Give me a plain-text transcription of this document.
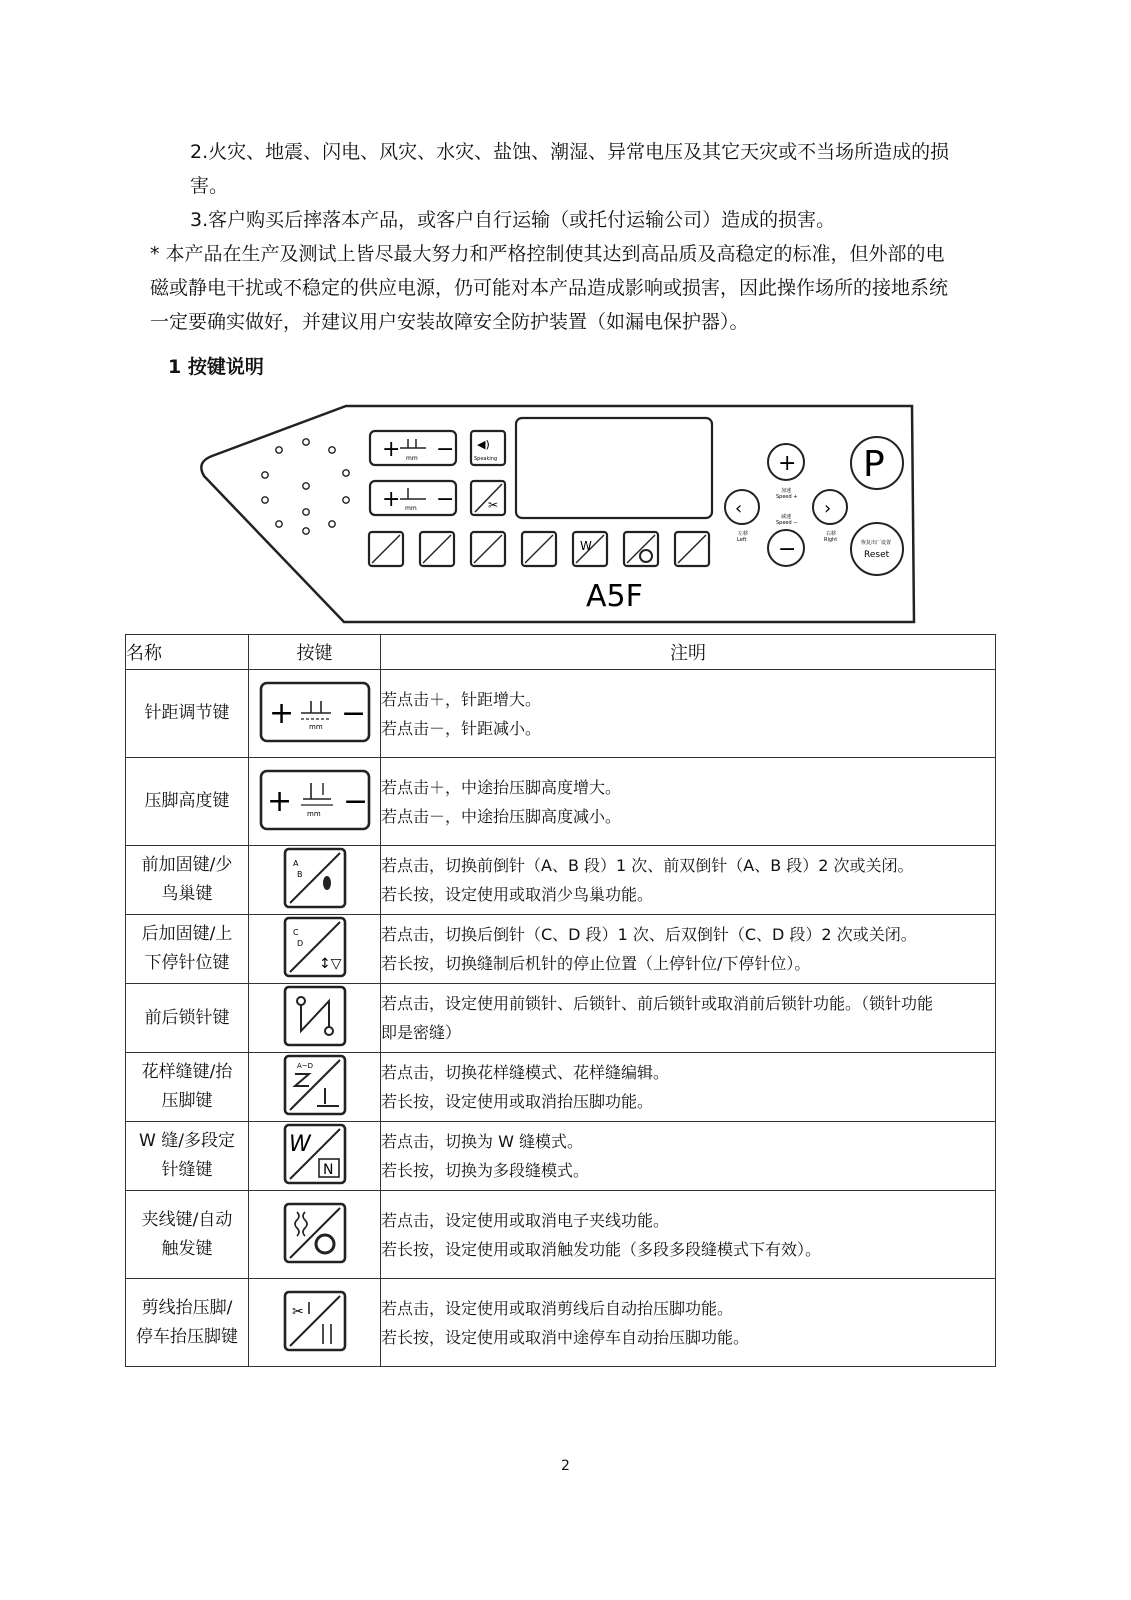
2.火灾、地震、闪电、风灾、水灾、盐蚀、潮湿、异常电压及其它天灾或不当场所造成的损
害。
3.客户购买后摔落本产品，或客户自行运输（或托付运输公司）造成的损害。
* 本产品在生产及测试上皆尽最大努力和严格控制使其达到高品质及高稳定的标准，但外部的电
磁或静电干扰或不稳定的供应电源，仍可能对本产品造成影响或损害，因此操作场所的接地系统
一定要确实做好，并建议用户安装故障安全防护装置（如漏电保护器）。
1 按键说明
+ −
mm
+ −
mm
◀)
Speaking
✂
W
A5F
+
−
‹	›
P
加速
Speed +
减速
Speed −
左移
Left
右移
Right	恢复出厂设置
Reset
名称	按键	注明

针距调节键	+ −
mm	若点击＋，针距增大。
若点击－，针距减小。

压脚高度键	+ −
mm	若点击＋，中途抬压脚高度增大。
若点击－，中途抬压脚高度减小。

前加固键/少
鸟巢键	A
B	若点击，切换前倒针（A、B 段）1 次、前双倒针（A、B 段）2 次或关闭。
若长按，设定使用或取消少鸟巢功能。

后加固键/上
下停针位键	C
D
↕▽	若点击，切换后倒针（C、D 段）1 次、后双倒针（C、D 段）2 次或关闭。
若长按，切换缝制后机针的停止位置（上停针位/下停针位）。

前后锁针键		若点击，设定使用前锁针、后锁针、前后锁针或取消前后锁针功能。（锁针功能
即是密缝）

花样缝键/抬
压脚键	A~D	若点击，切换花样缝模式、花样缝编辑。
若长按，设定使用或取消抬压脚功能。

W 缝/多段定
针缝键	W
N	若点击，切换为 W 缝模式。
若长按，切换为多段缝模式。

夹线键/自动
触发键		若点击，设定使用或取消电子夹线功能。
若长按，设定使用或取消触发功能（多段多段缝模式下有效）。

剪线抬压脚/
停车抬压脚键	✂	若点击，设定使用或取消剪线后自动抬压脚功能。
若长按，设定使用或取消中途停车自动抬压脚功能。
2
